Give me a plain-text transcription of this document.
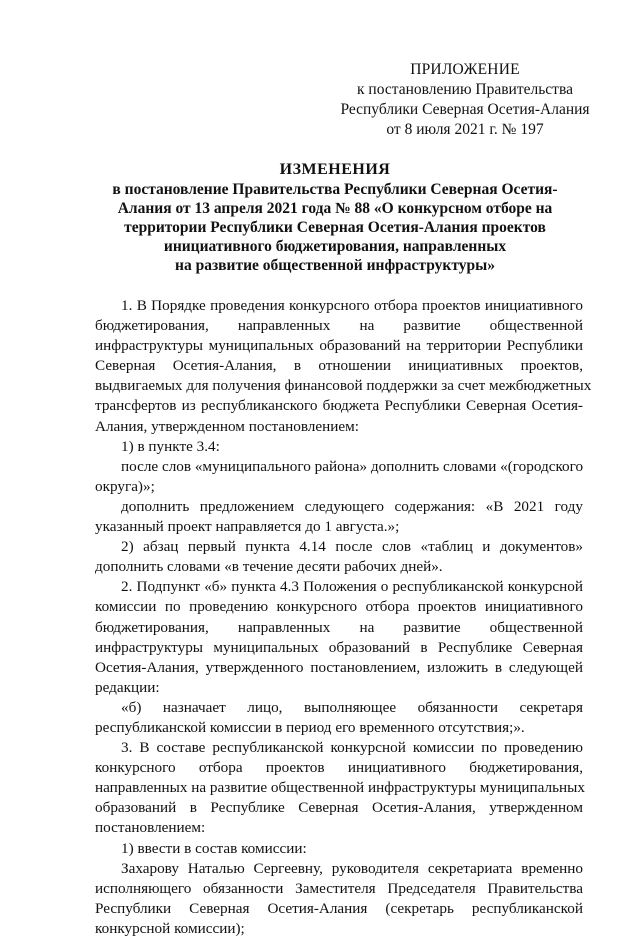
ПРИЛОЖЕНИЕ
к постановлению Правительства
Республики Северная Осетия-Алания
от 8 июля 2021 г. № 197
ИЗМЕНЕНИЯ
в постановление Правительства Республики Северная Осетия-
Алания от 13 апреля 2021 года № 88 «О конкурсном отборе на
территории Республики Северная Осетия-Алания проектов
инициативного бюджетирования, направленных
на развитие общественной инфраструктуры»
1. В Порядке проведения конкурсного отбора проектов инициативного
бюджетирования, направленных на развитие общественной
инфраструктуры муниципальных образований на территории Республики
Северная Осетия-Алания, в отношении инициативных проектов,
выдвигаемых для получения финансовой поддержки за счет межбюджетных
трансфертов из республиканского бюджета Республики Северная Осетия-
Алания, утвержденном постановлением:
1) в пункте 3.4:
после слов «муниципального района» дополнить словами «(городского
округа)»;
дополнить предложением следующего содержания: «В 2021 году
указанный проект направляется до 1 августа.»;
2) абзац первый пункта 4.14 после слов «таблиц и документов»
дополнить словами «в течение десяти рабочих дней».
2. Подпункт «б» пункта 4.3 Положения о республиканской конкурсной
комиссии по проведению конкурсного отбора проектов инициативного
бюджетирования, направленных на развитие общественной
инфраструктуры муниципальных образований в Республике Северная
Осетия-Алания, утвержденного постановлением, изложить в следующей
редакции:
«б) назначает лицо, выполняющее обязанности секретаря
республиканской комиссии в период его временного отсутствия;».
3. В составе республиканской конкурсной комиссии по проведению
конкурсного отбора проектов инициативного бюджетирования,
направленных на развитие общественной инфраструктуры муниципальных
образований в Республике Северная Осетия-Алания, утвержденном
постановлением:
1) ввести в состав комиссии:
Захарову Наталью Сергеевну, руководителя секретариата временно
исполняющего обязанности Заместителя Председателя Правительства
Республики Северная Осетия-Алания (секретарь республиканской
конкурсной комиссии);
